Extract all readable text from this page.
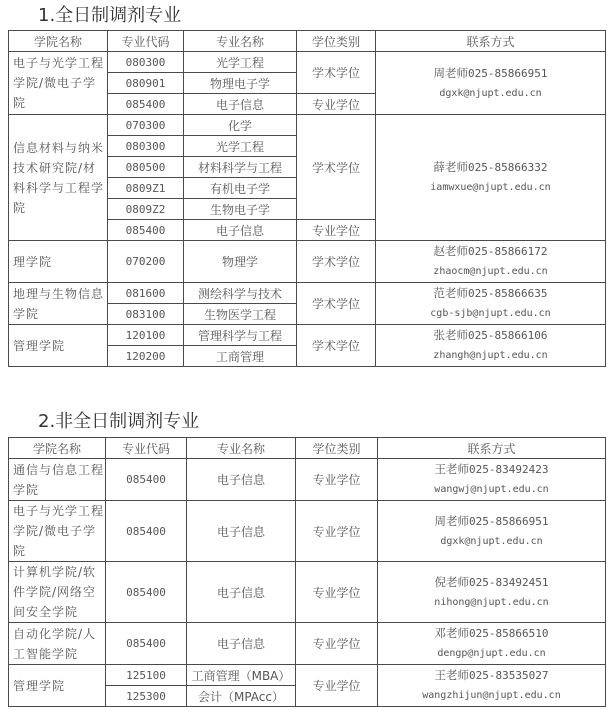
1.全日制调剂专业
学院名称	专业代码	专业名称	学位类别	联系方式
电子与光学工程学院/微电子学院	080300	光学工程	学术学位	周老师025-85866951
dgxk@njupt.edu.cn

	080901	物理电子学		
	085400	电子信息	专业学位	
信息材料与纳米技术研究院/材料科学与工程学院	070300	化学	学术学位	薛老师025-85866332
iamwxue@njupt.edu.cn

	080300	光学工程		
	080500	材料科学与工程		
	0809Z1	有机电子学		
	0809Z2	生物电子学		
	085400	电子信息	专业学位	
理学院	070200	物理学	学术学位	赵老师025-85866172
zhaocm@njupt.edu.cn

地理与生物信息学院	081600	测绘科学与技术	学术学位	范老师025-85866635
cgb-sjb@njupt.edu.cn

	083100	生物医学工程		
管理学院	120100	管理科学与工程	学术学位	张老师025-85866106
zhangh@njupt.edu.cn

	120200	工商管理		
2.非全日制调剂专业
学院名称	专业代码	专业名称	学位类别	联系方式
通信与信息工程学院	085400	电子信息	专业学位	王老师025-83492423
wangwj@njupt.edu.cn

电子与光学工程学院/微电子学院	085400	电子信息	专业学位	周老师025-85866951
dgxk@njupt.edu.cn

计算机学院/软件学院/网络空间安全学院	085400	电子信息	专业学位	倪老师025-83492451
nihong@njupt.edu.cn

自动化学院/人工智能学院	085400	电子信息	专业学位	邓老师025-85866510
dengp@njupt.edu.cn

管理学院	125100	工商管理（MBA）	专业学位	王老师025-83535027
wangzhijun@njupt.edu.cn

	125300	会计（MPAcc）		
